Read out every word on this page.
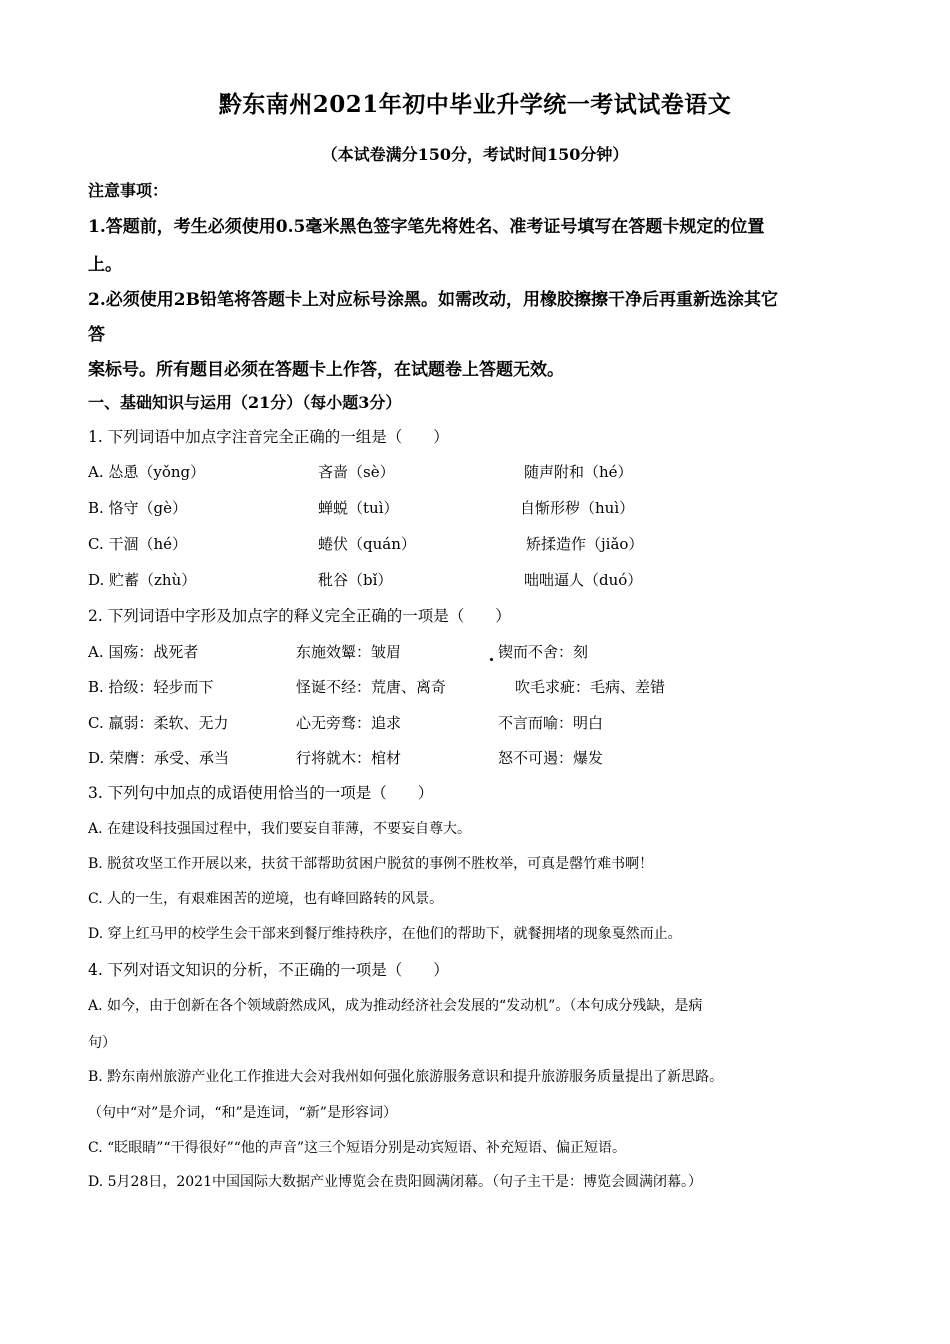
黔东南州2021年初中毕业升学统一考试试卷语文
（本试卷满分150分，考试时间150分钟）
注意事项：
1.答题前，考生必须使用0.5毫米黑色签字笔先将姓名、准考证号填写在答题卡规定的位置
上。
2.必须使用2B铅笔将答题卡上对应标号涂黑。如需改动，用橡胶擦擦干净后再重新选涂其它
答
案标号。所有题目必须在答题卡上作答，在试题卷上答题无效。
一、基础知识与运用（21分）（每小题3分）
1. 下列词语中加点字注音完全正确的一组是（　　）
A. 怂恿（yǒng）	吝啬（sè）	随声附和（hé）
B. 恪守（gè）	蝉蜕（tuì）	自惭形秽（huì）
C. 干涸（hé）	蜷伏（quán）	矫揉造作（jiǎo）
D. 贮蓄（zhù）	秕谷（bǐ）	咄咄逼人（duó）
2. 下列词语中字形及加点字的释义完全正确的一项是（　　）
A. 国殇：战死者	东施效颦：皱眉	锲而不舍：刻
B. 拾级：轻步而下	怪诞不经：荒唐、离奇	吹毛求疵：毛病、差错
C. 羸弱：柔软、无力	心无旁骛：追求	不言而喻：明白
D. 荣膺：承受、承当	行将就木：棺材	怒不可遏：爆发
3. 下列句中加点的成语使用恰当的一项是（　　）
A. 在建设科技强国过程中，我们要妄自菲薄，不要妄自尊大。
B. 脱贫攻坚工作开展以来，扶贫干部帮助贫困户脱贫的事例不胜枚举，可真是罄竹难书啊！
C. 人的一生，有艰难困苦的逆境，也有峰回路转的风景。
D. 穿上红马甲的校学生会干部来到餐厅维持秩序，在他们的帮助下，就餐拥堵的现象戛然而止。
4. 下列对语文知识的分析，不正确的一项是（　　）
A. 如今，由于创新在各个领域蔚然成风，成为推动经济社会发展的“发动机”。（本句成分残缺，是病
句）
B. 黔东南州旅游产业化工作推进大会对我州如何强化旅游服务意识和提升旅游服务质量提出了新思路。
（句中“对”是介词，“和”是连词，“新”是形容词）
C. “眨眼睛”“干得很好”“他的声音”这三个短语分别是动宾短语、补充短语、偏正短语。
D. 5月28日，2021中国国际大数据产业博览会在贵阳圆满闭幕。（句子主干是：博览会圆满闭幕。）
